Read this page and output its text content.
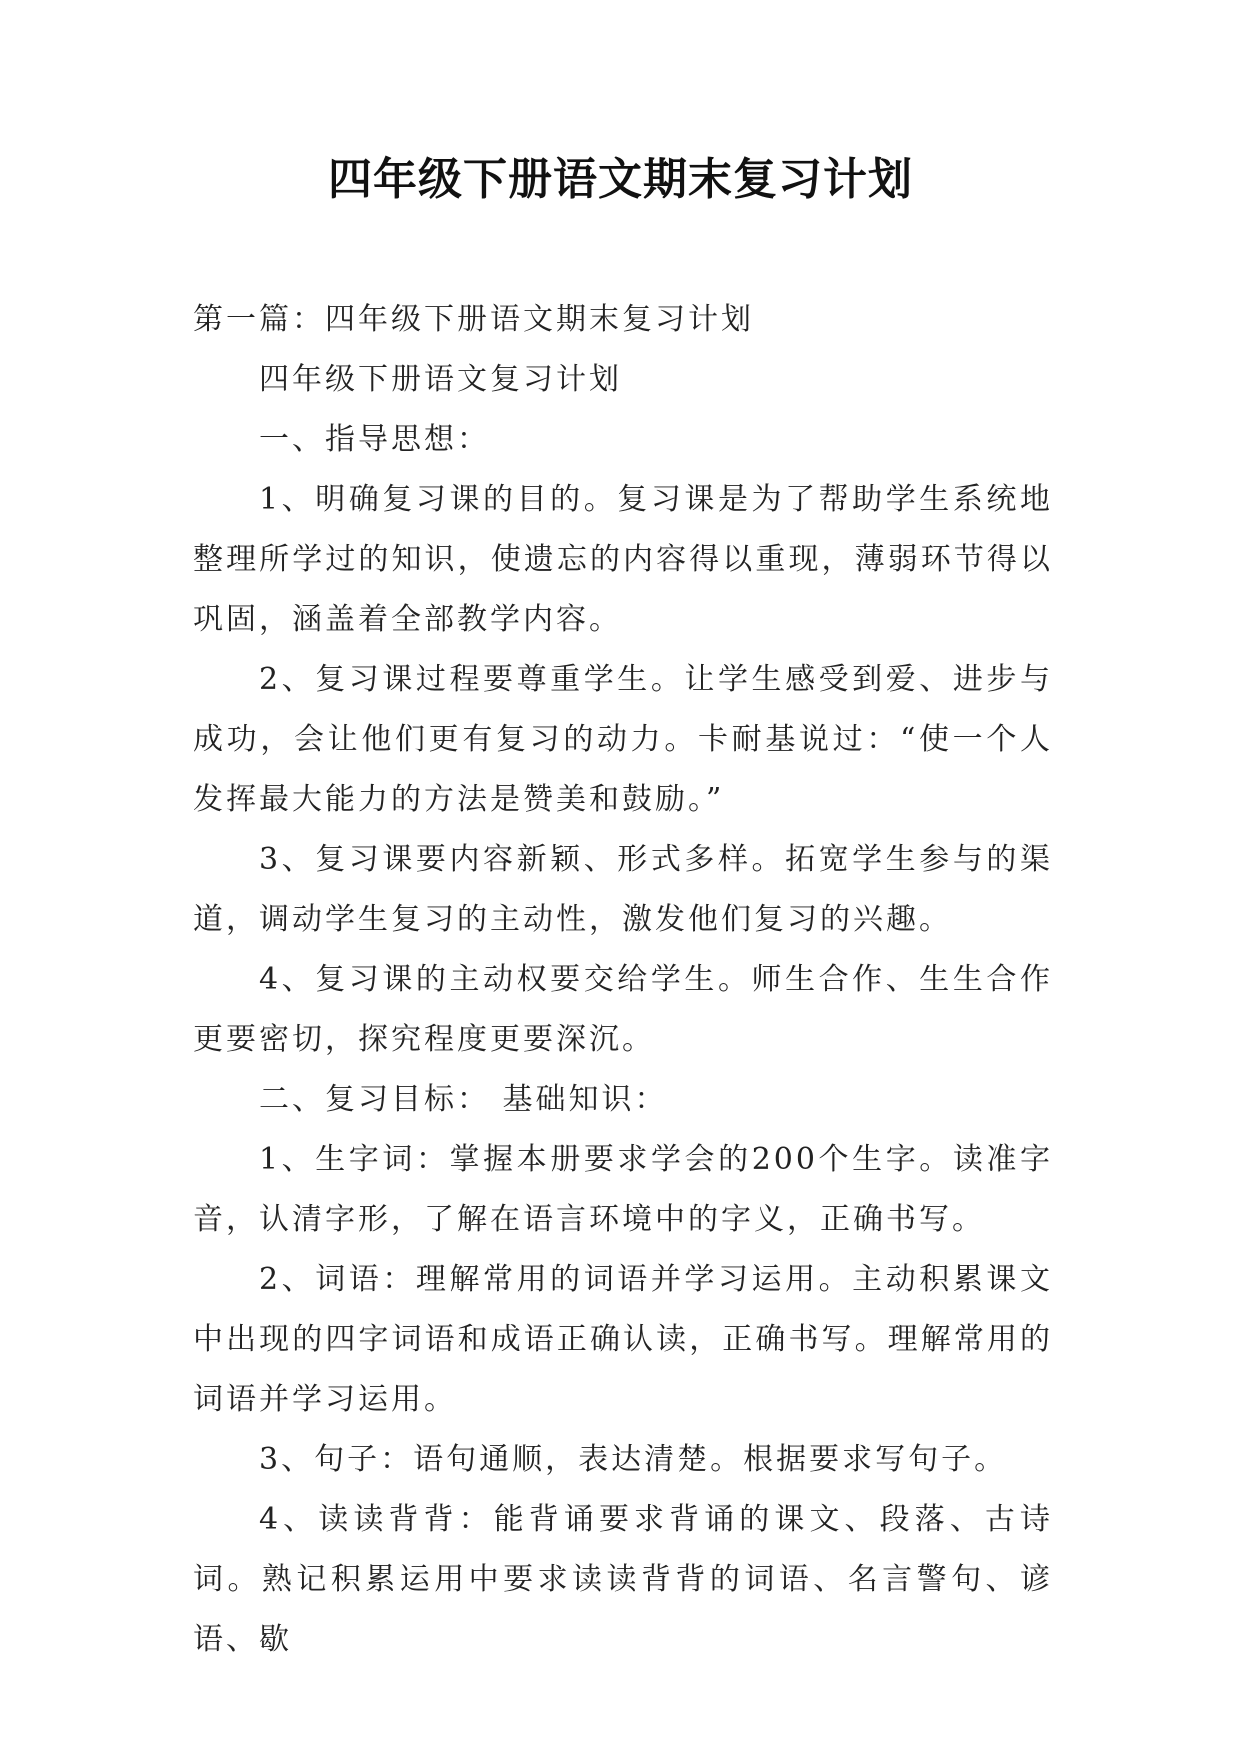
四年级下册语文期末复习计划

第一篇：四年级下册语文期末复习计划

四年级下册语文复习计划

一、指导思想：

1、明确复习课的目的。复习课是为了帮助学生系统地整理所学过的知识，使遗忘的内容得以重现，薄弱环节得以巩固，涵盖着全部教学内容。

2、复习课过程要尊重学生。让学生感受到爱、进步与成功，会让他们更有复习的动力。卡耐基说过：“使一个人发挥最大能力的方法是赞美和鼓励。”

3、复习课要内容新颖、形式多样。拓宽学生参与的渠道，调动学生复习的主动性，激发他们复习的兴趣。

4、复习课的主动权要交给学生。师生合作、生生合作更要密切，探究程度更要深沉。

二、复习目标： 基础知识：

1、生字词：掌握本册要求学会的200个生字。读准字音，认清字形，了解在语言环境中的字义，正确书写。

2、词语：理解常用的词语并学习运用。主动积累课文中出现的四字词语和成语正确认读，正确书写。理解常用的词语并学习运用。

3、句子：语句通顺，表达清楚。根据要求写句子。

4、读读背背：能背诵要求背诵的课文、段落、古诗词。熟记积累运用中要求读读背背的词语、名言警句、谚语、歇
